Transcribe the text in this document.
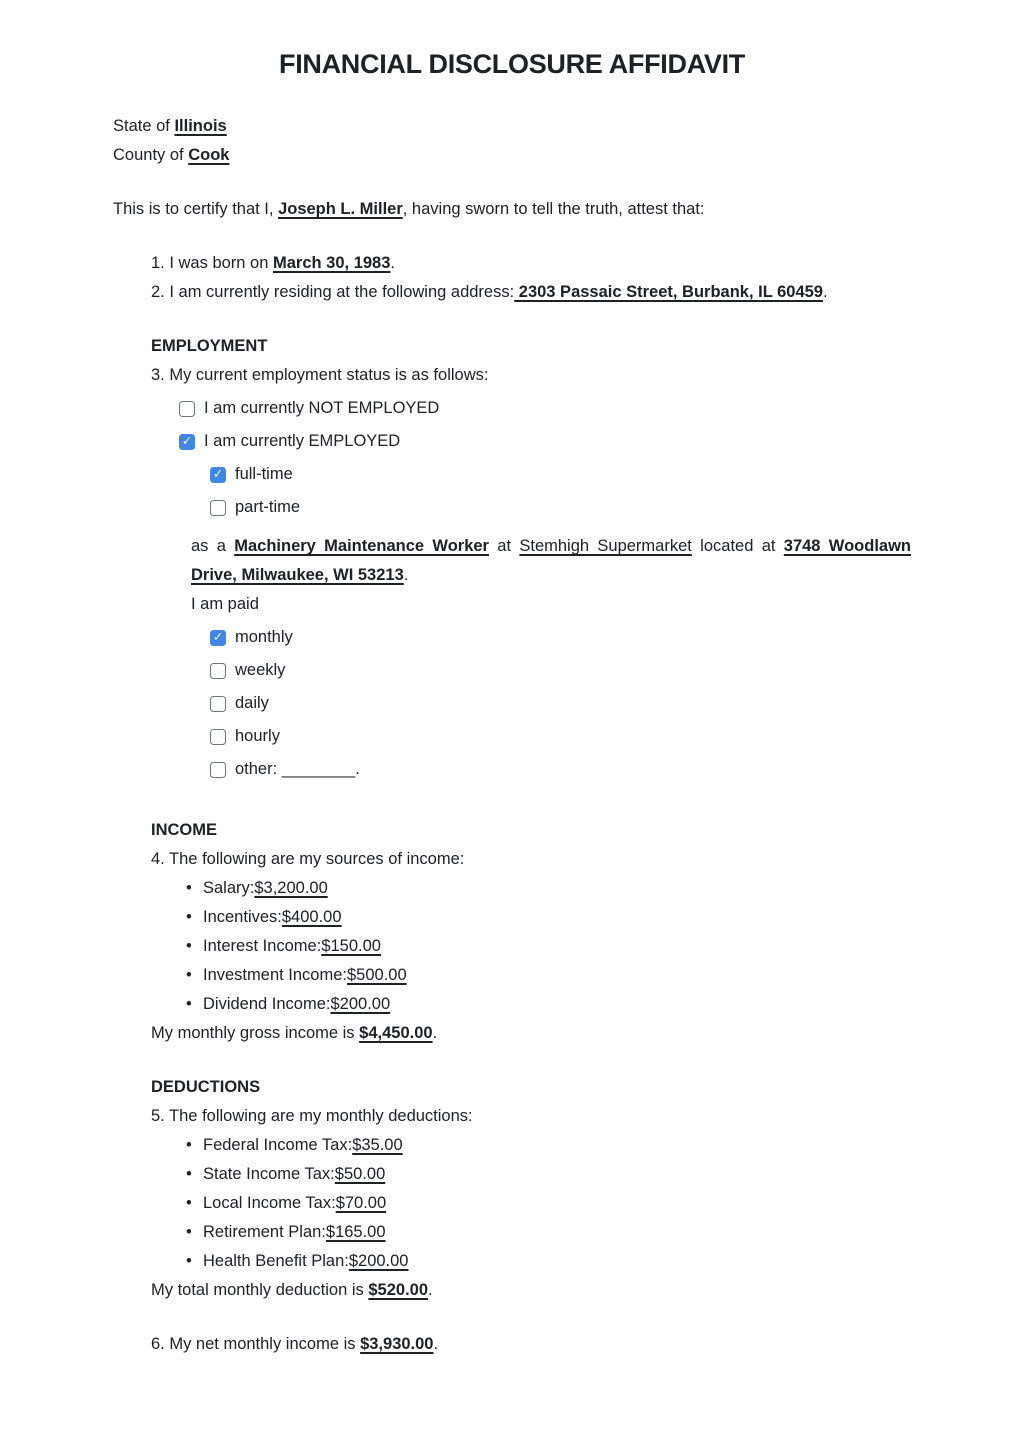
FINANCIAL DISCLOSURE AFFIDAVIT

State of Illinois

County of Cook

This is to certify that I, Joseph L. Miller, having sworn to tell the truth, attest that:

1. I was born on March 30, 1983.

2. I am currently residing at the following address: 2303 Passaic Street, Burbank, IL 60459.

EMPLOYMENT

3. My current employment status is as follows:

I am currently NOT EMPLOYED
✓
I am currently EMPLOYED
✓
full-time
part-time

as a Machinery Maintenance Worker at Stemhigh Supermarket located at 3748 Woodlawn Drive, Milwaukee, WI 53213.

I am paid

✓
monthly
weekly
daily
hourly
other: ________.

INCOME

4. The following are my sources of income:

• Salary: $3,200.00
• Incentives: $400.00
• Interest Income: $150.00
• Investment Income: $500.00
• Dividend Income: $200.00

My monthly gross income is $4,450.00.

DEDUCTIONS

5. The following are my monthly deductions:

• Federal Income Tax: $35.00
• State Income Tax: $50.00
• Local Income Tax: $70.00
• Retirement Plan: $165.00
• Health Benefit Plan: $200.00

My total monthly deduction is $520.00.

6. My net monthly income is $3,930.00.
